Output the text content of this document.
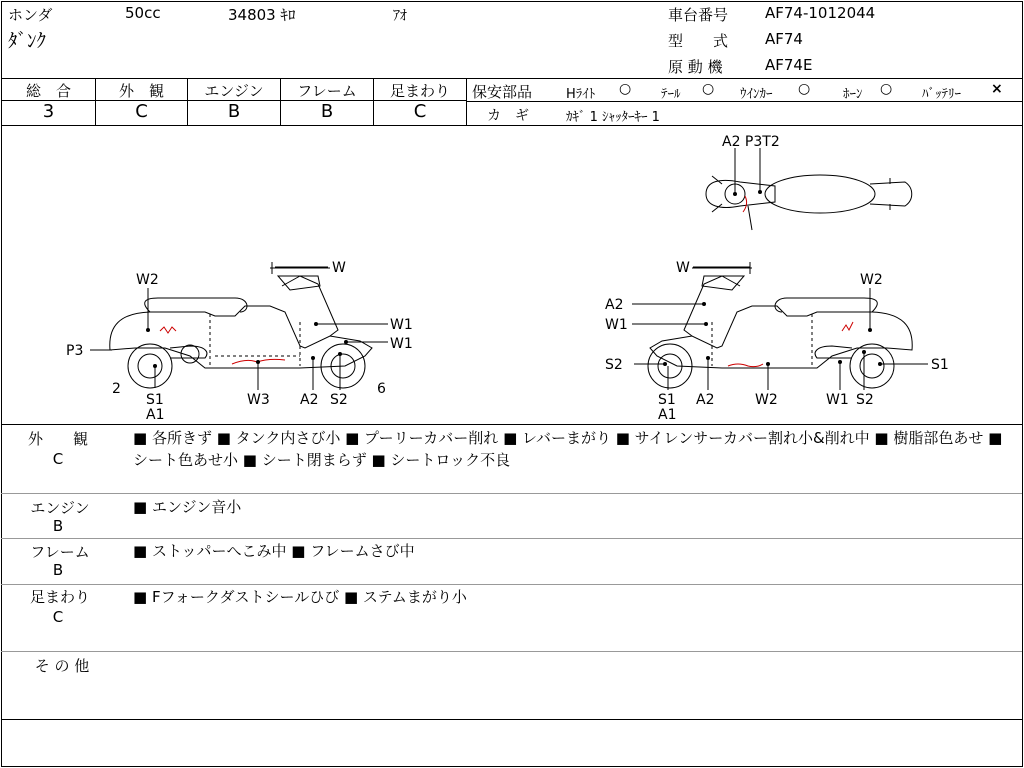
ホンダ	50cc	34803 ｷﾛ	ｱｵ
ﾀﾞﾝｸ
車台番号 AF74-1012044
型　　式 AF74
原 動 機	AF74E
総　合	外　観	エンジン	フレーム	足まわり
3	C	B	B	C
保安部品	Hﾗｲﾄ ○ ﾃｰﾙ ○ ｳｲﾝｶｰ ○	ﾎｰﾝ ○ ﾊﾞｯﾃﾘｰ ×
カ　ギ	ｶｷﾞ 1 ｼｬｯﾀｰｷｰ 1
W2
W
W1
W1
P3
2
S1
A1
W3 A2 S2
6
W
W2
A2
W1
S2
S1
A1
A2	W2	W1 S2
S1
A2 P3T2
外　　観
C
■ 各所きず ■ タンク内さび小 ■ プーリーカバー削れ ■ レバーまがり ■ サイレンサーカバー割れ小&削れ中 ■ 樹脂部色あせ ■ シート色あせ小 ■ シート閉まらず ■ シートロック不良
エンジン
B
■ エンジン音小
フレーム
B
■ ストッパーへこみ中 ■ フレームさび中
足まわり
C
■ Fフォークダストシールひび ■ ステムまがり小
そ の 他
